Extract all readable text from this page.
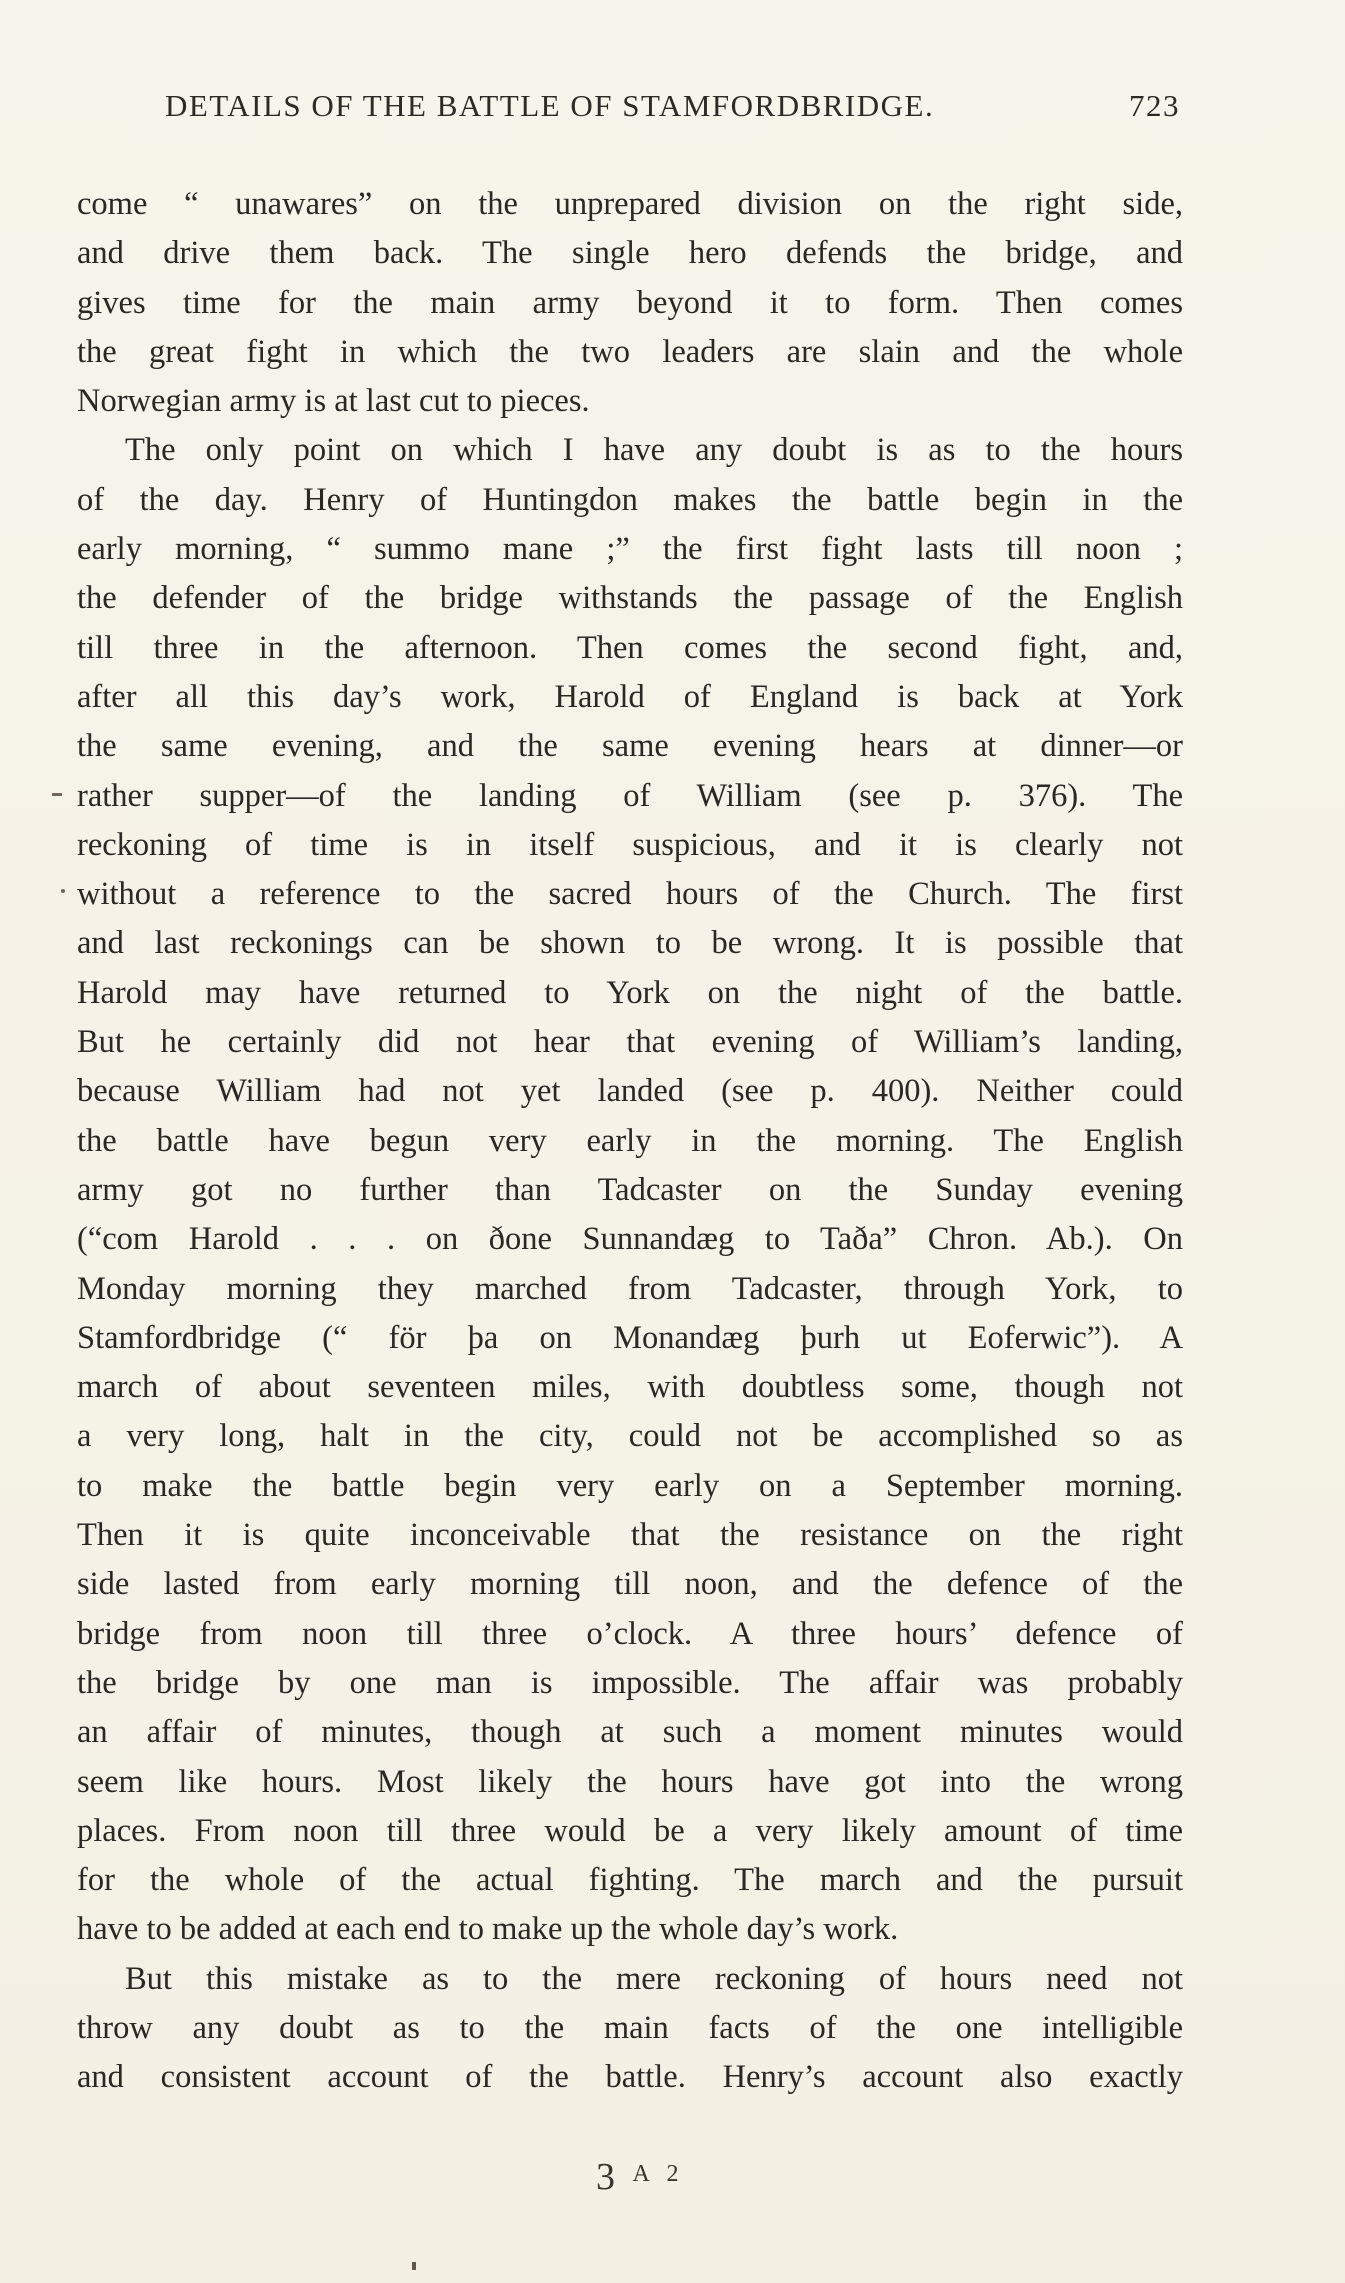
DETAILS OF THE BATTLE OF STAMFORDBRIDGE.	723
come “ unawares” on the unprepared division on the right side,
and drive them back. The single hero defends the bridge, and
gives time for the main army beyond it to form. Then comes
the great fight in which the two leaders are slain and the whole
Norwegian army is at last cut to pieces.
The only point on which I have any doubt is as to the hours
of the day. Henry of Huntingdon makes the battle begin in the
early morning, “ summo mane ;” the first fight lasts till noon ;
the defender of the bridge withstands the passage of the English
till three in the afternoon. Then comes the second fight, and,
after all this day’s work, Harold of England is back at York
the same evening, and the same evening hears at dinner—or
rather supper—of the landing of William (see p. 376). The
reckoning of time is in itself suspicious, and it is clearly not
without a reference to the sacred hours of the Church. The first
and last reckonings can be shown to be wrong. It is possible that
Harold may have returned to York on the night of the battle.
But he certainly did not hear that evening of William’s landing,
because William had not yet landed (see p. 400). Neither could
the battle have begun very early in the morning. The English
army got no further than Tadcaster on the Sunday evening
(“com Harold . . . on ðone Sunnandæg to Taða” Chron. Ab.). On
Monday morning they marched from Tadcaster, through York, to
Stamfordbridge (“ för þa on Monandæg þurh ut Eoferwic”). A
march of about seventeen miles, with doubtless some, though not
a very long, halt in the city, could not be accomplished so as
to make the battle begin very early on a September morning.
Then it is quite inconceivable that the resistance on the right
side lasted from early morning till noon, and the defence of the
bridge from noon till three o’clock. A three hours’ defence of
the bridge by one man is impossible. The affair was probably
an affair of minutes, though at such a moment minutes would
seem like hours. Most likely the hours have got into the wrong
places. From noon till three would be a very likely amount of time
for the whole of the actual fighting. The march and the pursuit
have to be added at each end to make up the whole day’s work.
But this mistake as to the mere reckoning of hours need not
throw any doubt as to the main facts of the one intelligible
and consistent account of the battle. Henry’s account also exactly
3 $^{A 2}$
